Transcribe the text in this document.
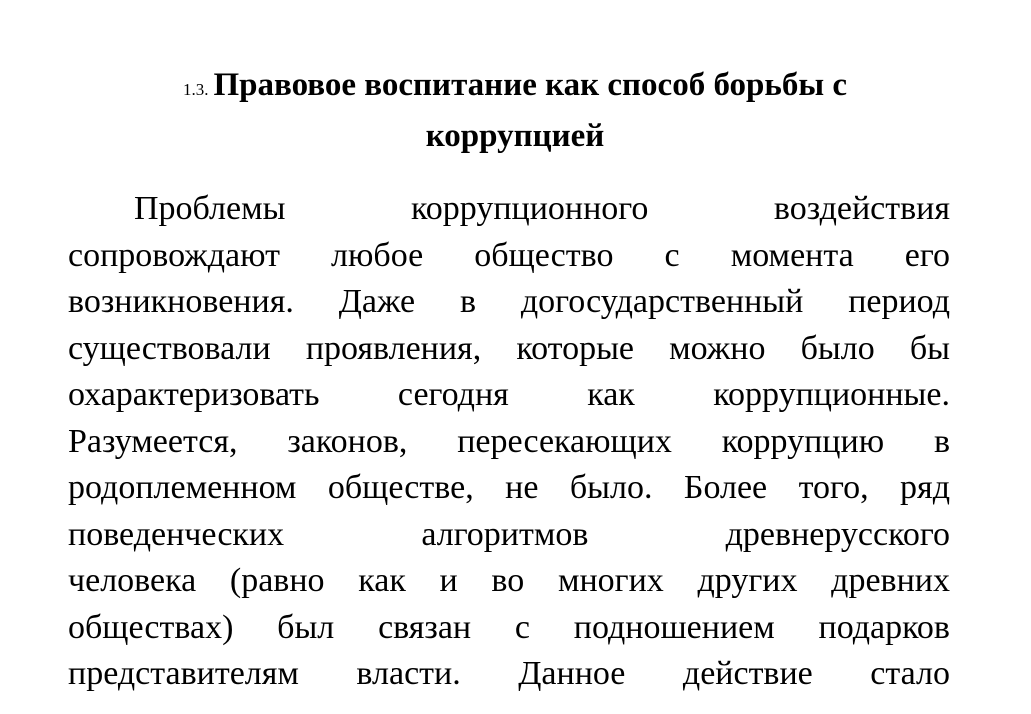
1.3. Правовое воспитание как способ борьбы с
коррупцией
Проблемы коррупционного воздействия
сопровождают любое общество с момента его
возникновения. Даже в догосударственный период
существовали проявления, которые можно было бы
охарактеризовать сегодня как коррупционные.
Разумеется, законов, пересекающих коррупцию в
родоплеменном обществе, не было. Более того, ряд
поведенческих алгоритмов древнерусского
человека (равно как и во многих других древних
обществах) был связан с подношением подарков
представителям власти. Данное действие стало
